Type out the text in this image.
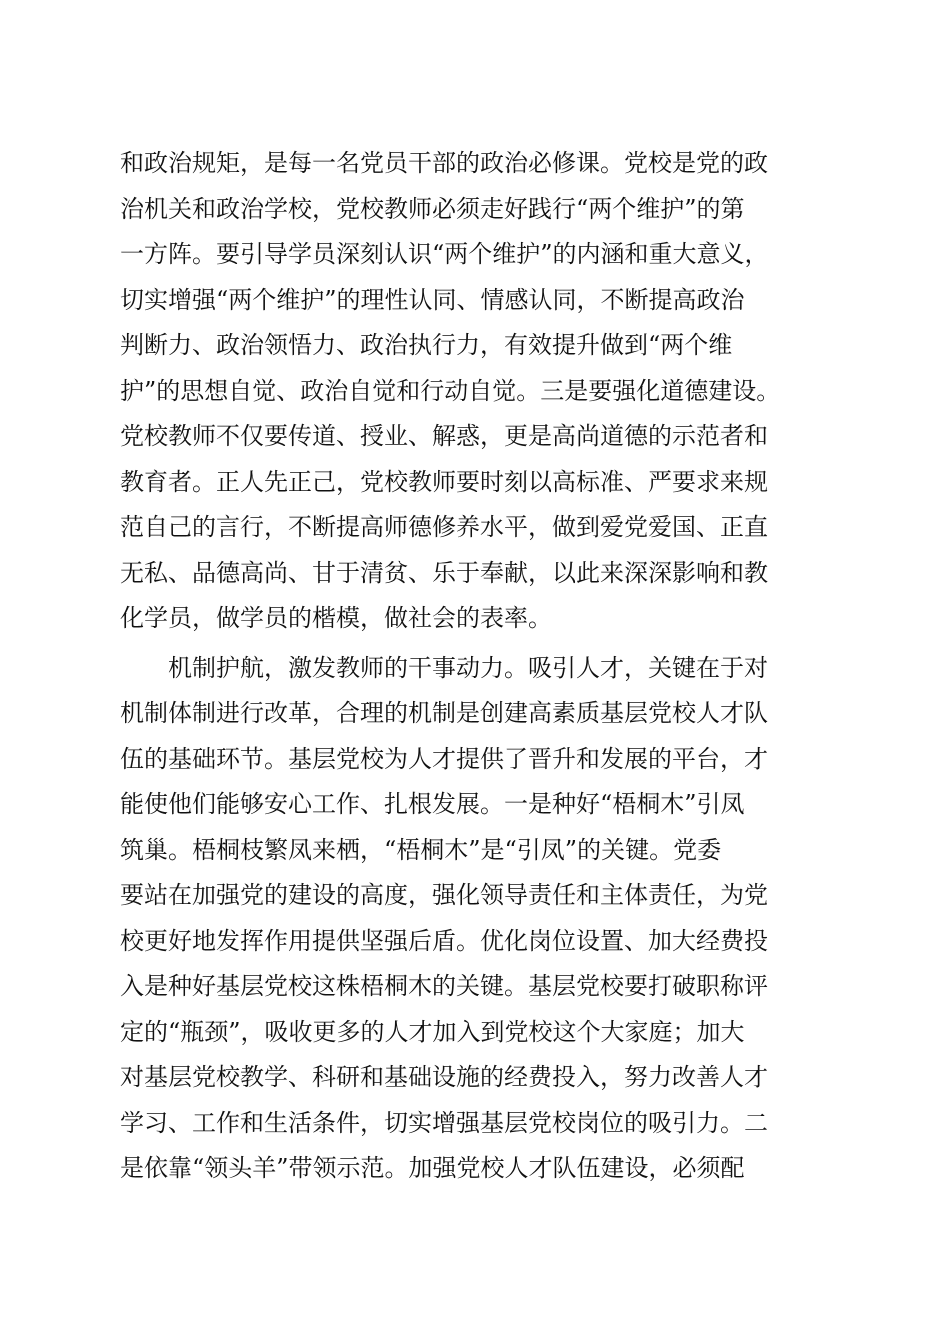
和政治规矩，是每一名党员干部的政治必修课。党校是党的政
治机关和政治学校，党校教师必须走好践行“两个维护”的第
一方阵。要引导学员深刻认识“两个维护”的内涵和重大意义，
切实增强“两个维护”的理性认同、情感认同，不断提高政治
判断力、政治领悟力、政治执行力，有效提升做到“两个维
护”的思想自觉、政治自觉和行动自觉。三是要强化道德建设。
党校教师不仅要传道、授业、解惑，更是高尚道德的示范者和
教育者。正人先正己，党校教师要时刻以高标准、严要求来规
范自己的言行，不断提高师德修养水平，做到爱党爱国、正直
无私、品德高尚、甘于清贫、乐于奉献，以此来深深影响和教
化学员，做学员的楷模，做社会的表率。
机制护航，激发教师的干事动力。吸引人才，关键在于对
机制体制进行改革，合理的机制是创建高素质基层党校人才队
伍的基础环节。基层党校为人才提供了晋升和发展的平台，才
能使他们能够安心工作、扎根发展。一是种好“梧桐木”引凤
筑巢。梧桐枝繁凤来栖，“梧桐木”是“引凤”的关键。党委
要站在加强党的建设的高度，强化领导责任和主体责任，为党
校更好地发挥作用提供坚强后盾。优化岗位设置、加大经费投
入是种好基层党校这株梧桐木的关键。基层党校要打破职称评
定的“瓶颈”，吸收更多的人才加入到党校这个大家庭；加大
对基层党校教学、科研和基础设施的经费投入，努力改善人才
学习、工作和生活条件，切实增强基层党校岗位的吸引力。二
是依靠“领头羊”带领示范。加强党校人才队伍建设，必须配
